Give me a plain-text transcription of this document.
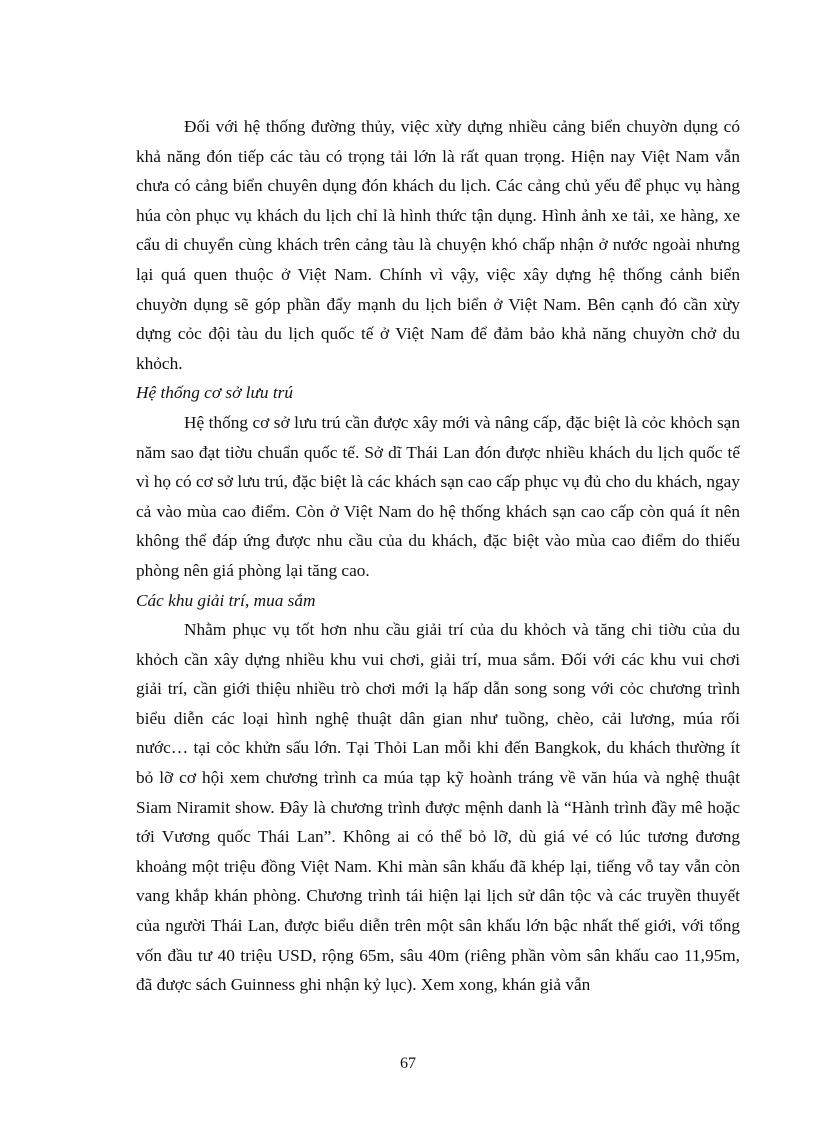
Đối với hệ thống đường thủy, việc xừy dựng nhiều cảng biển chuyờn dụng có khả năng đón tiếp các tàu có trọng tải lớn là rất quan trọng. Hiện nay Việt Nam vẫn chưa có cảng biển chuyên dụng đón khách du lịch. Các cảng chủ yếu để phục vụ hàng húa còn phục vụ khách du lịch chỉ là hình thức tận dụng. Hình ảnh xe tải, xe hàng, xe cẩu di chuyển cùng khách trên cảng tàu là chuyện khó chấp nhận ở nước ngoài nhưng lại quá quen thuộc ở Việt Nam. Chính vì vậy, việc xây dựng hệ thống cảnh biển chuyờn dụng sẽ góp phần đẩy mạnh du lịch biển ở Việt Nam. Bên cạnh đó cần xừy dựng cỏc đội tàu du lịch quốc tế ở Việt Nam để đảm bảo khả năng chuyờn chở du khỏch.

Hệ thống cơ sở lưu trú

Hệ thống cơ sở lưu trú cần được xây mới và nâng cấp, đặc biệt là cỏc khỏch sạn năm sao đạt tiờu chuẩn quốc tế. Sở dĩ Thái Lan đón được nhiều khách du lịch quốc tế vì họ có cơ sở lưu trú, đặc biệt là các khách sạn cao cấp phục vụ đủ cho du khách, ngay cả vào mùa cao điểm. Còn ở Việt Nam do hệ thống khách sạn cao cấp còn quá ít nên không thể đáp ứng được nhu cầu của du khách, đặc biệt vào mùa cao điểm do thiếu phòng nên giá phòng lại tăng cao.

Các khu giải trí, mua sắm

Nhằm phục vụ tốt hơn nhu cầu giải trí của du khỏch và tăng chi tiờu của du khỏch cần xây dựng nhiều khu vui chơi, giải trí, mua sắm. Đối với các khu vui chơi giải trí, cần giới thiệu nhiều trò chơi mới lạ hấp dẫn song song với cỏc chương trình biểu diễn các loại hình nghệ thuật dân gian như tuồng, chèo, cải lương, múa rối nước… tại cỏc khửn sấu lớn. Tại Thỏi Lan mỗi khi đến Bangkok, du khách thường ít bỏ lỡ cơ hội xem chương trình ca múa tạp kỹ hoành tráng về văn húa và nghệ thuật Siam Niramit show. Đây là chương trình được mệnh danh là “Hành trình đầy mê hoặc tới Vương quốc Thái Lan”. Không ai có thể bỏ lỡ, dù giá vé có lúc tương đương khoảng một triệu đồng Việt Nam. Khi màn sân khấu đã khép lại, tiếng vỗ tay vẫn còn vang khắp khán phòng. Chương trình tái hiện lại lịch sử dân tộc và các truyền thuyết của người Thái Lan, được biểu diễn trên một sân khấu lớn bậc nhất thế giới, với tổng vốn đầu tư 40 triệu USD, rộng 65m, sâu 40m (riêng phần vòm sân khấu cao 11,95m, đã được sách Guinness ghi nhận kỷ lục). Xem xong, khán giả vẫn

67
